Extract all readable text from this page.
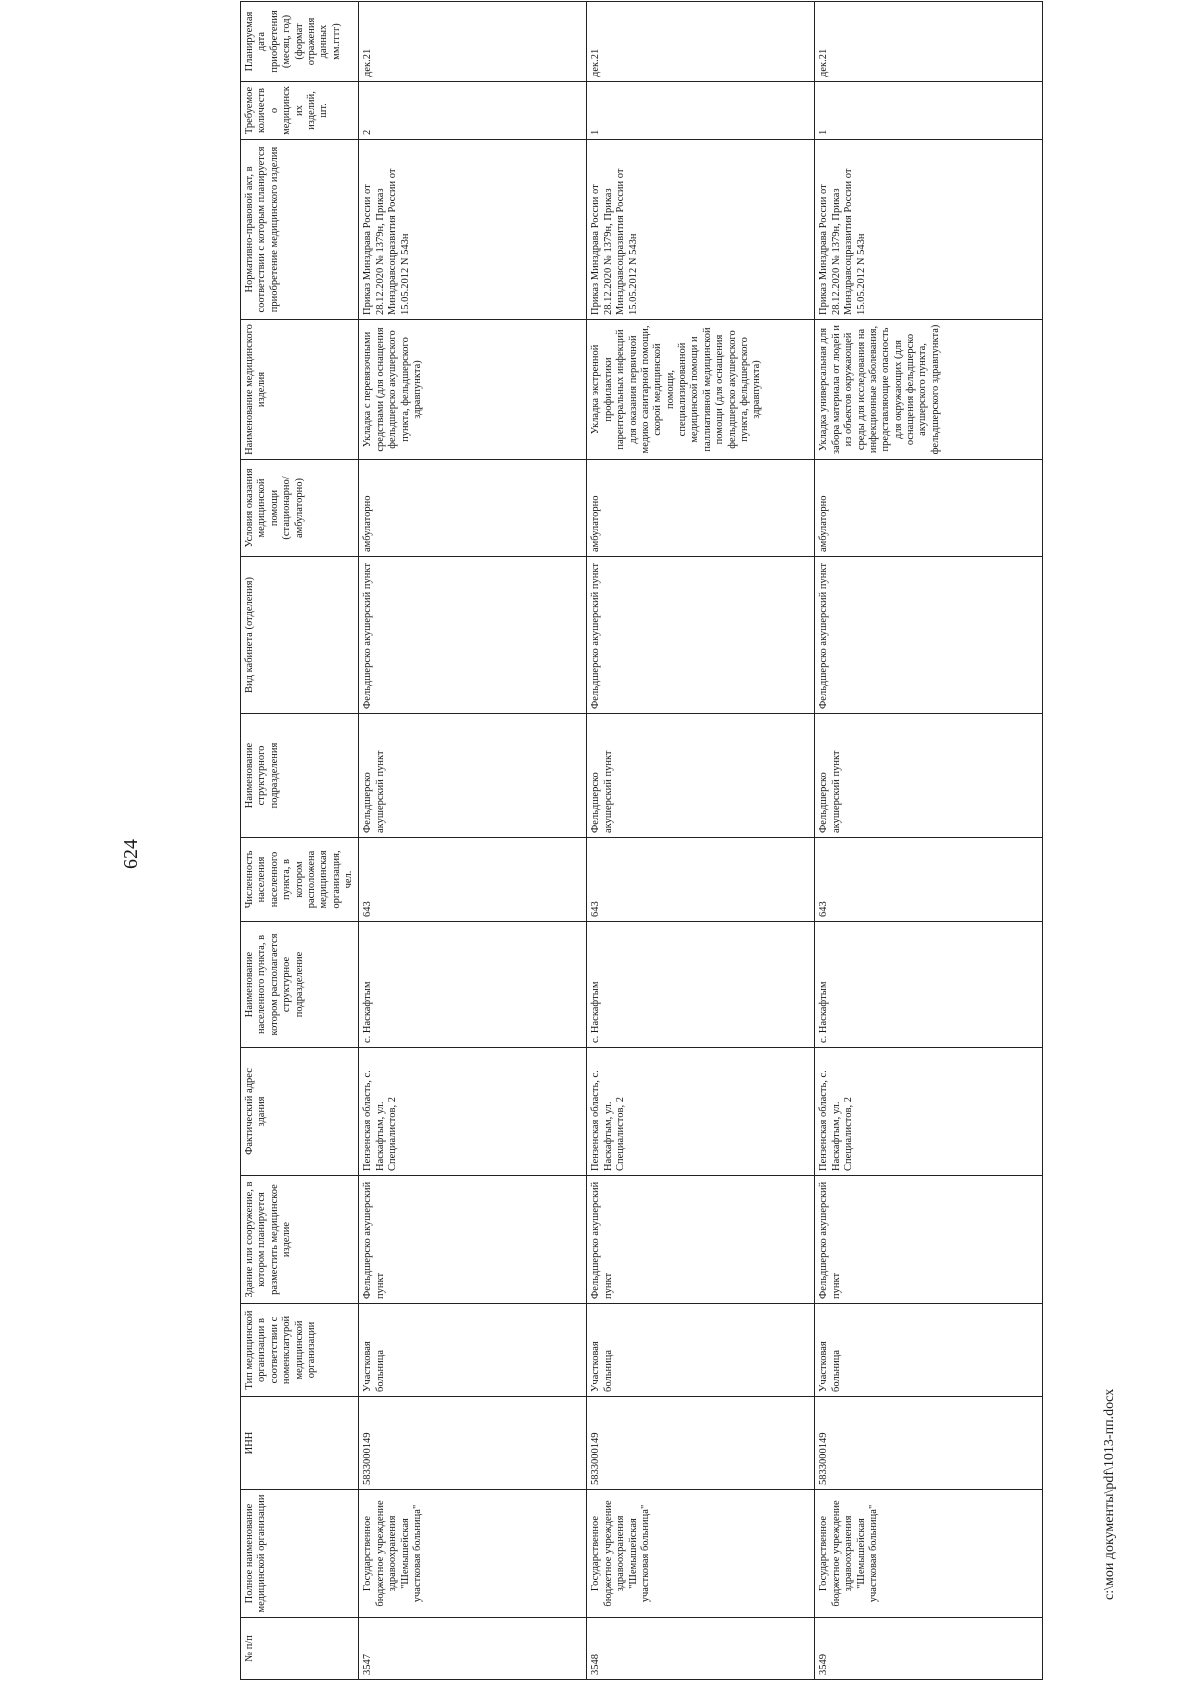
624
№ п/п	Полное наименование медицинской организации	ИНН	Тип медицинской организации в соответствии с номенклатурой медицинской организации	Здание или сооружение, в котором планируется разместить медицинское изделие	Фактический адрес здания	Наименование населенного пункта, в котором располагается структурное подразделение	Численность населения населенного пункта, в котором расположена медицинская организация, чел.	Наименование структурного подразделения	Вид кабинета (отделения)	Условия оказания медицинской помощи (стационарно/ амбулаторно)	Наименование медицинского изделия	Нормативно-правовой акт, в соответствии с которым планируется приобретение медицинского изделия	Требуемое количество медицинских изделий, шт.	Планируемая дата приобретения (месяц, год) (формат отражения данных мм.гггг)
3547	Государственное бюджетное учреждение здравоохранения "Шемышейская участковая больница"	5833000149	Участковая больница	Фельдшерско акушерский пункт	Пензенская область, с. Наскафтым, ул. Специалистов, 2	с. Наскафтым	643	Фельдшерско акушерский пункт	Фельдшерско акушерский пункт	амбулаторно	Укладка с перевязочными средствами (для оснащения фельдшерско акушерского пункта, фельдшерского здравпункта)	Приказ Минздрава России от 28.12.2020 № 1379н, Приказ Минздравсоцразвития России от 15.05.2012 N 543н	2	дек.21
3548	Государственное бюджетное учреждение здравоохранения "Шемышейская участковая больница"	5833000149	Участковая больница	Фельдшерско акушерский пункт	Пензенская область, с. Наскафтым, ул. Специалистов, 2	с. Наскафтым	643	Фельдшерско акушерский пункт	Фельдшерско акушерский пункт	амбулаторно	Укладка экстренной профилактики парентеральных инфекций для оказания первичной медико санитарной помощи, скорой медицинской помощи, специализированной медицинской помощи и паллиативной медицинской помощи (для оснащения фельдшерско акушерского пункта, фельдшерского здравпункта)	Приказ Минздрава России от 28.12.2020 № 1379н, Приказ Минздравсоцразвития России от 15.05.2012 N 543н	1	дек.21
3549	Государственное бюджетное учреждение здравоохранения "Шемышейская участковая больница"	5833000149	Участковая больница	Фельдшерско акушерский пункт	Пензенская область, с. Наскафтым, ул. Специалистов, 2	с. Наскафтым	643	Фельдшерско акушерский пункт	Фельдшерско акушерский пункт	амбулаторно	Укладка универсальная для забора материала от людей и из объектов окружающей среды для исследования на инфекционные заболевания, представляющие опасность для окружающих (для оснащения фельдшерско акушерского пункта, фельдшерского здравпункта)	Приказ Минздрава России от 28.12.2020 № 1379н, Приказ Минздравсоцразвития России от 15.05.2012 N 543н	1	дек.21
c:\мои документы\pdf\1013-пп.docx
